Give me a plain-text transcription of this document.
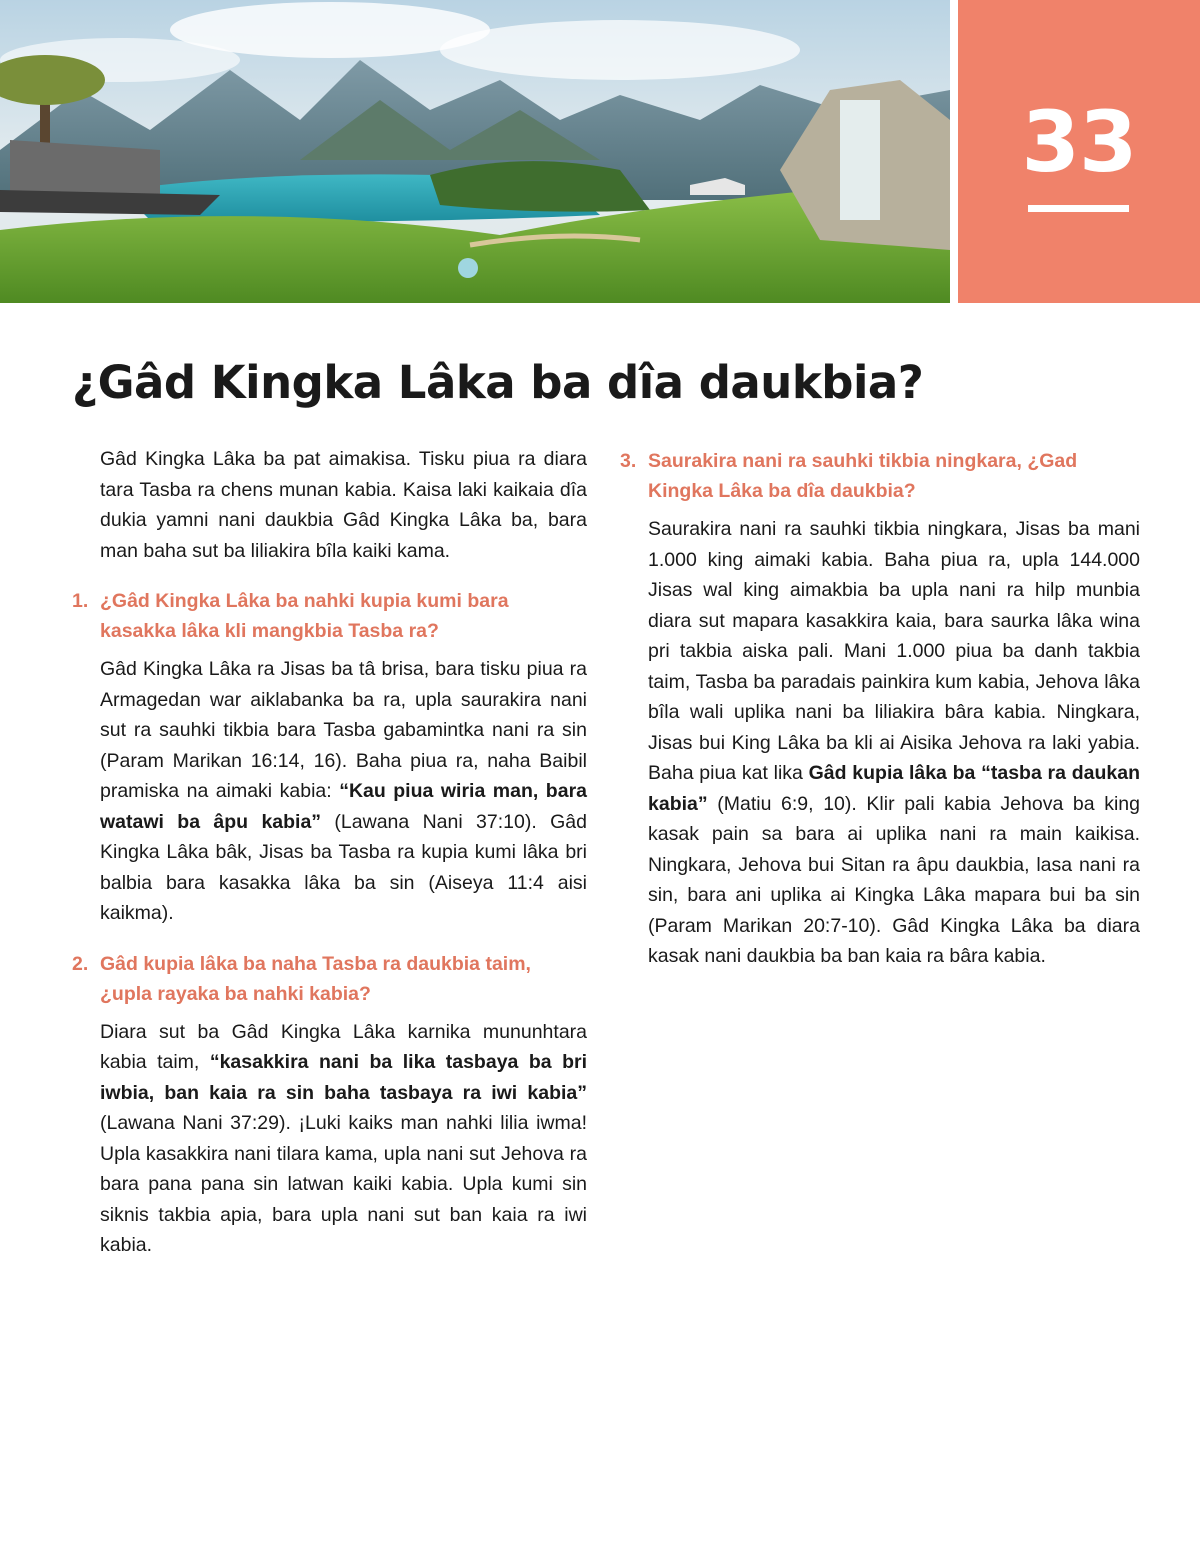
33
¿Gâd Kingka Lâka ba dîa daukbia?

Gâd Kingka Lâka ba pat aimakisa. Tisku piua ra diara tara Tasba ra chens munan kabia. Kaisa laki kaikaia dîa dukia yamni nani daukbia Gâd Kingka Lâka ba, bara man baha sut ba liliakira bîla kaiki kama.

1. ¿Gâd Kingka Lâka ba nahki kupia kumi bara kasakka lâka kli mangkbia Tasba ra?

Gâd Kingka Lâka ra Jisas ba tâ brisa, bara tisku piua ra Armagedan war aiklabanka ba ra, upla saurakira nani sut ra sauhki tikbia bara Tasba gabamintka nani ra sin (Param Marikan 16:14, 16). Baha piua ra, naha Baibil pramiska na aimaki kabia: “Kau piua wiria man, bara watawi ba âpu kabia” (Lawana Nani 37:10). Gâd Kingka Lâka bâk, Jisas ba Tasba ra kupia kumi lâka bri balbia bara kasakka lâka ba sin (Aiseya 11:4 aisi kaikma).

2. Gâd kupia lâka ba naha Tasba ra daukbia taim, ¿upla rayaka ba nahki kabia?

Diara sut ba Gâd Kingka Lâka karnika mununhtara kabia taim, “kasakkira nani ba lika tasbaya ba bri iwbia, ban kaia ra sin baha tasbaya ra iwi kabia” (Lawana Nani 37:29). ¡Luki kaiks man nahki lilia iwma! Upla kasakkira nani tilara kama, upla nani sut Jehova ra bara pana pana sin latwan kaiki kabia. Upla kumi sin siknis takbia apia, bara upla nani sut ban kaia ra iwi kabia.

3. Saurakira nani ra sauhki tikbia ningkara, ¿Gad Kingka Lâka ba dîa daukbia?

Saurakira nani ra sauhki tikbia ningkara, Jisas ba mani 1.000 king aimaki kabia. Baha piua ra, upla 144.000 Jisas wal king aimakbia ba upla nani ra hilp munbia diara sut mapara kasakkira kaia, bara saurka lâka wina pri takbia aiska pali. Mani 1.000 piua ba danh takbia taim, Tasba ba paradais painkira kum kabia, Jehova lâka bîla wali uplika nani ba liliakira bâra kabia. Ningkara, Jisas bui King Lâka ba kli ai Aisika Jehova ra laki yabia. Baha piua kat lika Gâd kupia lâka ba “tasba ra daukan kabia” (Matiu 6:9, 10). Klir pali kabia Jehova ba king kasak pain sa bara ai uplika nani ra main kaikisa. Ningkara, Jehova bui Sitan ra âpu daukbia, lasa nani ra sin, bara ani uplika ai Kingka Lâka mapara bui ba sin (Param Marikan 20:7-10). Gâd Kingka Lâka ba diara kasak nani daukbia ba ban kaia ra bâra kabia.
